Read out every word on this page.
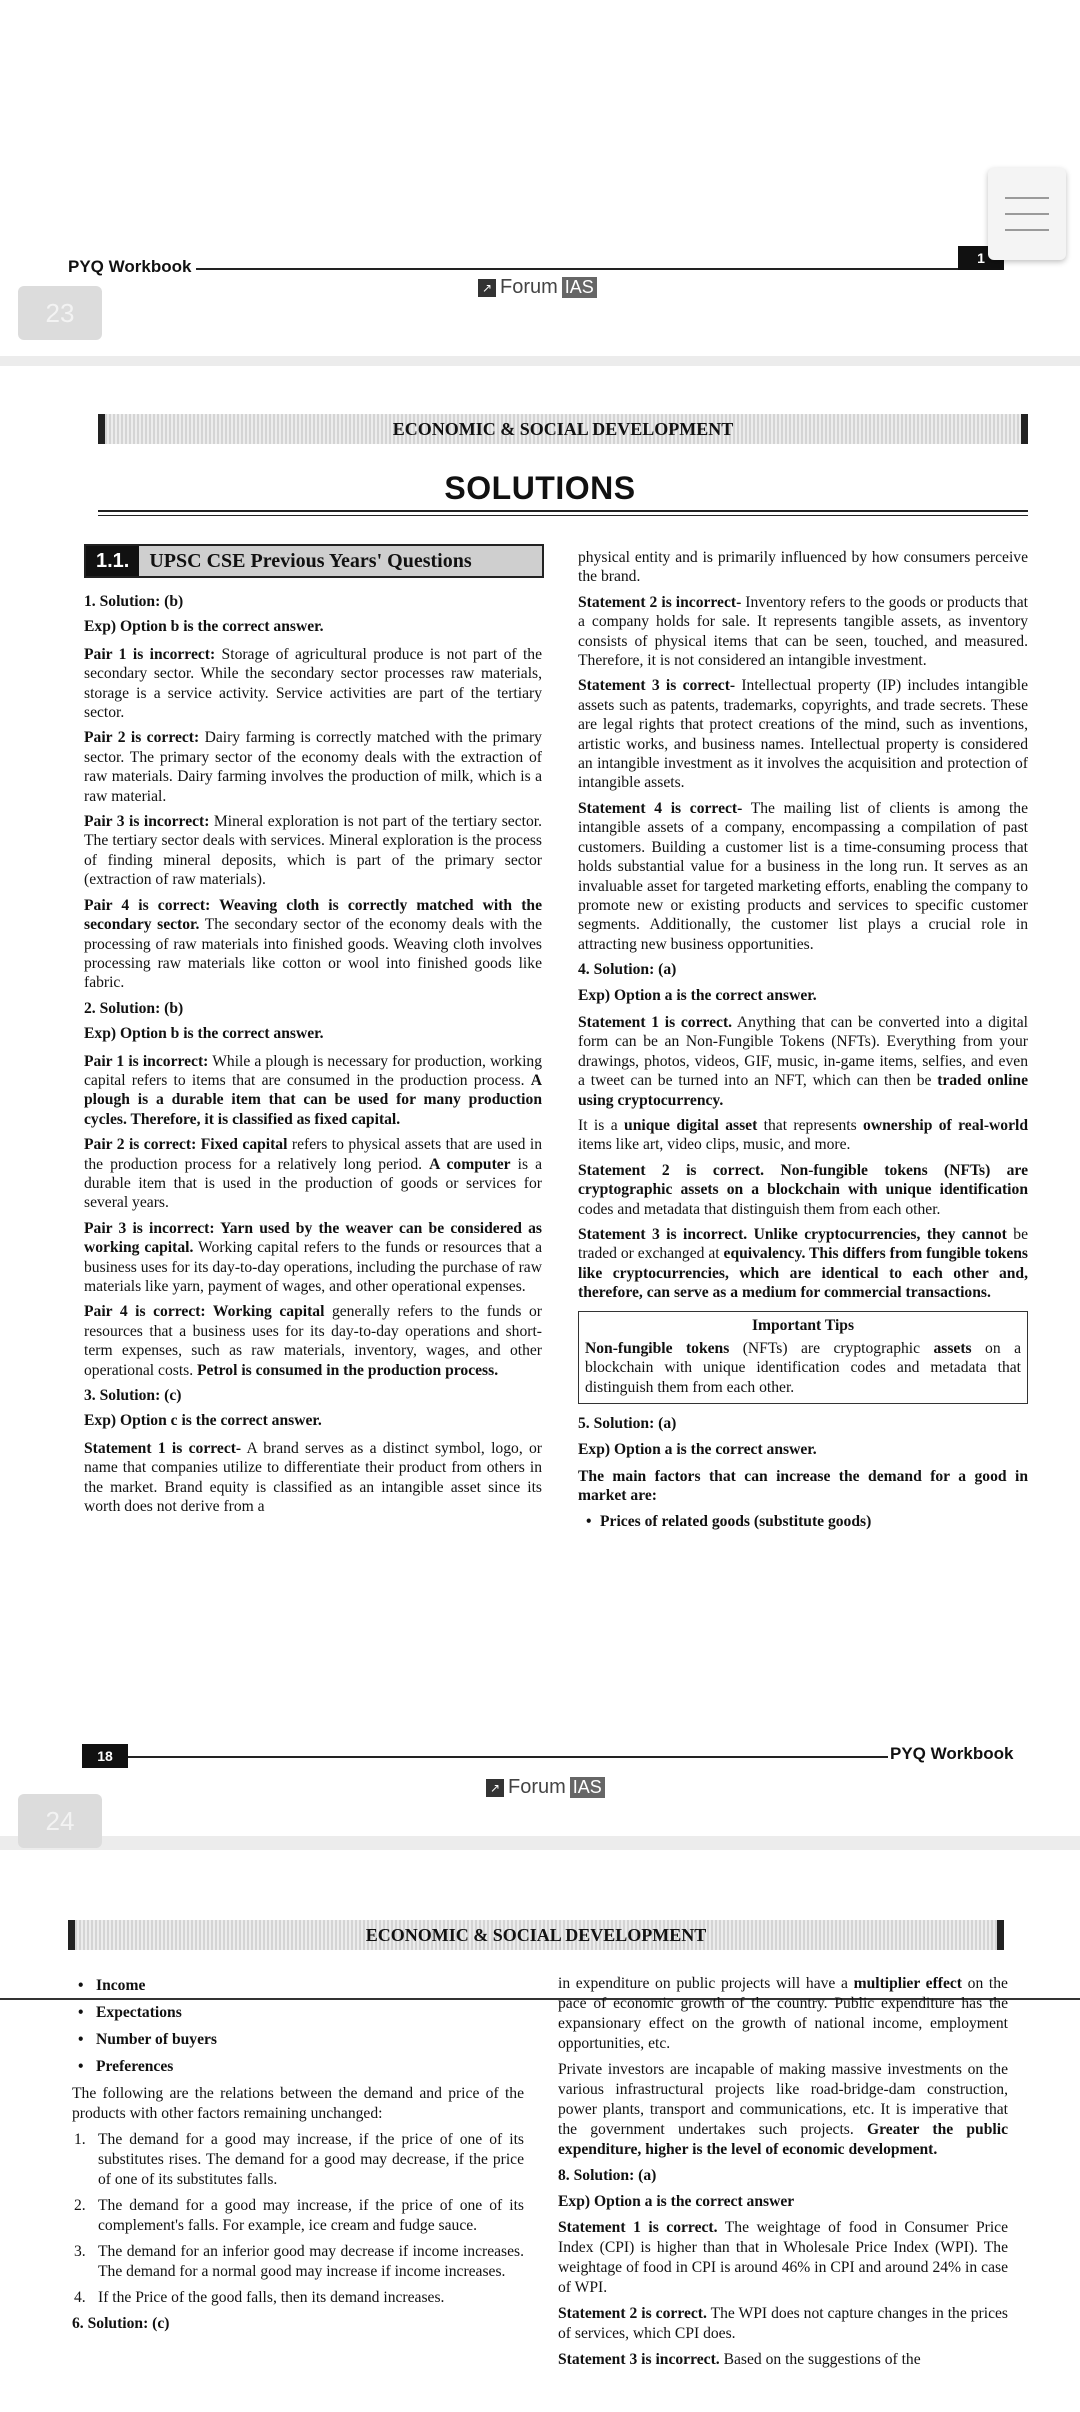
PYQ Workbook	1
↗ Forum IAS
23
ECONOMIC & SOCIAL DEVELOPMENT
SOLUTIONS
1.1.	UPSC CSE Previous Years' Questions

1. Solution: (b)

Exp) Option b is the correct answer.

Pair 1 is incorrect: Storage of agricultural produce is not part of the secondary sector. While the secondary sector processes raw materials, storage is a service activity. Service activities are part of the tertiary sector.

Pair 2 is correct: Dairy farming is correctly matched with the primary sector. The primary sector of the economy deals with the extraction of raw materials. Dairy farming involves the production of milk, which is a raw material.

Pair 3 is incorrect: Mineral exploration is not part of the tertiary sector. The tertiary sector deals with services. Mineral exploration is the process of finding mineral deposits, which is part of the primary sector (extraction of raw materials).

Pair 4 is correct: Weaving cloth is correctly matched with the secondary sector. The secondary sector of the economy deals with the processing of raw materials into finished goods. Weaving cloth involves processing raw materials like cotton or wool into finished goods like fabric.

2. Solution: (b)

Exp) Option b is the correct answer.

Pair 1 is incorrect: While a plough is necessary for production, working capital refers to items that are consumed in the production process. A plough is a durable item that can be used for many production cycles. Therefore, it is classified as fixed capital.

Pair 2 is correct: Fixed capital refers to physical assets that are used in the production process for a relatively long period. A computer is a durable item that is used in the production of goods or services for several years.

Pair 3 is incorrect: Yarn used by the weaver can be considered as working capital. Working capital refers to the funds or resources that a business uses for its day-to-day operations, including the purchase of raw materials like yarn, payment of wages, and other operational expenses.

Pair 4 is correct: Working capital generally refers to the funds or resources that a business uses for its day-to-day operations and short-term expenses, such as raw materials, inventory, wages, and other operational costs. Petrol is consumed in the production process.

3. Solution: (c)

Exp) Option c is the correct answer.

Statement 1 is correct- A brand serves as a distinct symbol, logo, or name that companies utilize to differentiate their product from others in the market. Brand equity is classified as an intangible asset since its worth does not derive from a

physical entity and is primarily influenced by how consumers perceive the brand.

Statement 2 is incorrect- Inventory refers to the goods or products that a company holds for sale. It represents tangible assets, as inventory consists of physical items that can be seen, touched, and measured. Therefore, it is not considered an intangible investment.

Statement 3 is correct- Intellectual property (IP) includes intangible assets such as patents, trademarks, copyrights, and trade secrets. These are legal rights that protect creations of the mind, such as inventions, artistic works, and business names. Intellectual property is considered an intangible investment as it involves the acquisition and protection of intangible assets.

Statement 4 is correct- The mailing list of clients is among the intangible assets of a company, encompassing a compilation of past customers. Building a customer list is a time-consuming process that holds substantial value for a business in the long run. It serves as an invaluable asset for targeted marketing efforts, enabling the company to promote new or existing products and services to specific customer segments. Additionally, the customer list plays a crucial role in attracting new business opportunities.

4. Solution: (a)

Exp) Option a is the correct answer.

Statement 1 is correct. Anything that can be converted into a digital form can be an Non-Fungible Tokens (NFTs). Everything from your drawings, photos, videos, GIF, music, in-game items, selfies, and even a tweet can be turned into an NFT, which can then be traded online using cryptocurrency.

It is a unique digital asset that represents ownership of real-world items like art, video clips, music, and more.

Statement 2 is correct. Non-fungible tokens (NFTs) are cryptographic assets on a blockchain with unique identification codes and metadata that distinguish them from each other.

Statement 3 is incorrect. Unlike cryptocurrencies, they cannot be traded or exchanged at equivalency. This differs from fungible tokens like cryptocurrencies, which are identical to each other and, therefore, can serve as a medium for commercial transactions.

Important Tips
Non-fungible tokens (NFTs) are cryptographic assets on a blockchain with unique identification codes and metadata that distinguish them from each other.

5. Solution: (a)

Exp) Option a is the correct answer.

The main factors that can increase the demand for a good in market are:

• Prices of related goods (substitute goods)

18	PYQ Workbook
↗ Forum IAS
24
ECONOMIC & SOCIAL DEVELOPMENT

• Income

• Expectations

• Number of buyers

• Preferences

The following are the relations between the demand and price of the products with other factors remaining unchanged:

1. The demand for a good may increase, if the price of one of its substitutes rises. The demand for a good may decrease, if the price of one of its substitutes falls.
2. The demand for a good may increase, if the price of one of its complement's falls. For example, ice cream and fudge sauce.
3. The demand for an inferior good may decrease if income increases. The demand for a normal good may increase if income increases.
4. If the Price of the good falls, then its demand increases.

6. Solution: (c)

in expenditure on public projects will have a multiplier effect on the pace of economic growth of the country. Public expenditure has the expansionary effect on the growth of national income, employment opportunities, etc.

Private investors are incapable of making massive investments on the various infrastructural projects like road-bridge-dam construction, power plants, transport and communications, etc. It is imperative that the government undertakes such projects. Greater the public expenditure, higher is the level of economic development.

8. Solution: (a)

Exp) Option a is the correct answer

Statement 1 is correct. The weightage of food in Consumer Price Index (CPI) is higher than that in Wholesale Price Index (WPI). The weightage of food in CPI is around 46% in CPI and around 24% in case of WPI.

Statement 2 is correct. The WPI does not capture changes in the prices of services, which CPI does.

Statement 3 is incorrect. Based on the suggestions of the
